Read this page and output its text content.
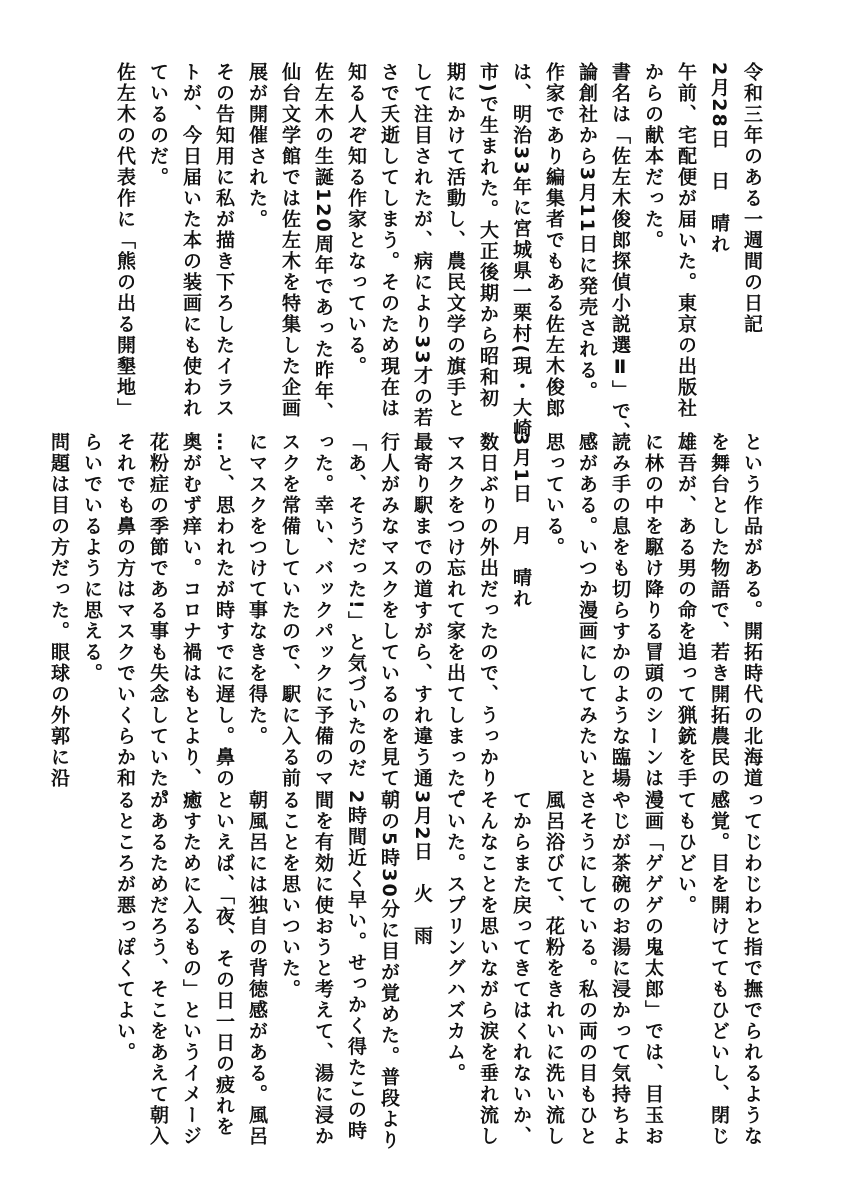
令和三年のある一週間の日記
2月28日　日　晴れ
午前、宅配便が届いた。東京の出版社
からの献本だった。
書名は「佐左木俊郎探偵小説選Ⅱ」で、
論創社から3月11日に発売される。
作家であり編集者でもある佐左木俊郎
は、明治33年に宮城県一栗村(現・大崎
市)で生まれた。大正後期から昭和初
期にかけて活動し、農民文学の旗手と
して注目されたが、病により33才の若
さで夭逝してしまう。そのため現在は
知る人ぞ知る作家となっている。
佐左木の生誕120周年であった昨年、
仙台文学館では佐左木を特集した企画
展が開催された。
その告知用に私が描き下ろしたイラス
トが、今日届いた本の装画にも使われ
ているのだ。
佐左木の代表作に「熊の出る開墾地」
という作品がある。開拓時代の北海道
を舞台とした物語で、若き開拓農民の
雄吾が、ある男の命を追って猟銃を手
に林の中を駆け降りる冒頭のシーンは、
読み手の息をも切らすかのような臨場
感がある。いつか漫画にしてみたいと
思っている。
3月1日　月　晴れ
数日ぶりの外出だったので、うっかり
マスクをつけ忘れて家を出てしまった。
最寄り駅までの道すがら、すれ違う通
行人がみなマスクをしているのを見て、
「あ、そうだった!」と気づいたのだ
った。幸い、バックパックに予備のマ
スクを常備していたので、駅に入る前
にマスクをつけて事なきを得た。
…と、思われたが時すでに遅し。鼻の
奥がむず痒い。コロナ禍はもとより、
花粉症の季節である事も失念していた。
それでも鼻の方はマスクでいくらか和
らいでいるように思える。
問題は目の方だった。眼球の外郭に沿
ってじわじわと指で撫でられるような
感覚。目を開けててもひどいし、閉じ
てもひどい。
漫画「ゲゲゲの鬼太郎」では、目玉お
やじが茶碗のお湯に浸かって気持ちよ
さそうにしている。私の両の目もひと
風呂浴びて、花粉をきれいに洗い流し
てからまた戻ってきてはくれないか、
そんなことを思いながら涙を垂れ流し
ていた。スプリングハズカム。
3月2日　火　雨
朝の5時30分に目が覚めた。普段より
2時間近く早い。せっかく得たこの時
間を有効に使おうと考えて、湯に浸か
ることを思いついた。
朝風呂には独自の背徳感がある。風呂
といえば、「夜、その日一日の疲れを
癒すために入るもの」というイメージ
があるためだろう、そこをあえて朝入
るところが悪っぽくてよい。
